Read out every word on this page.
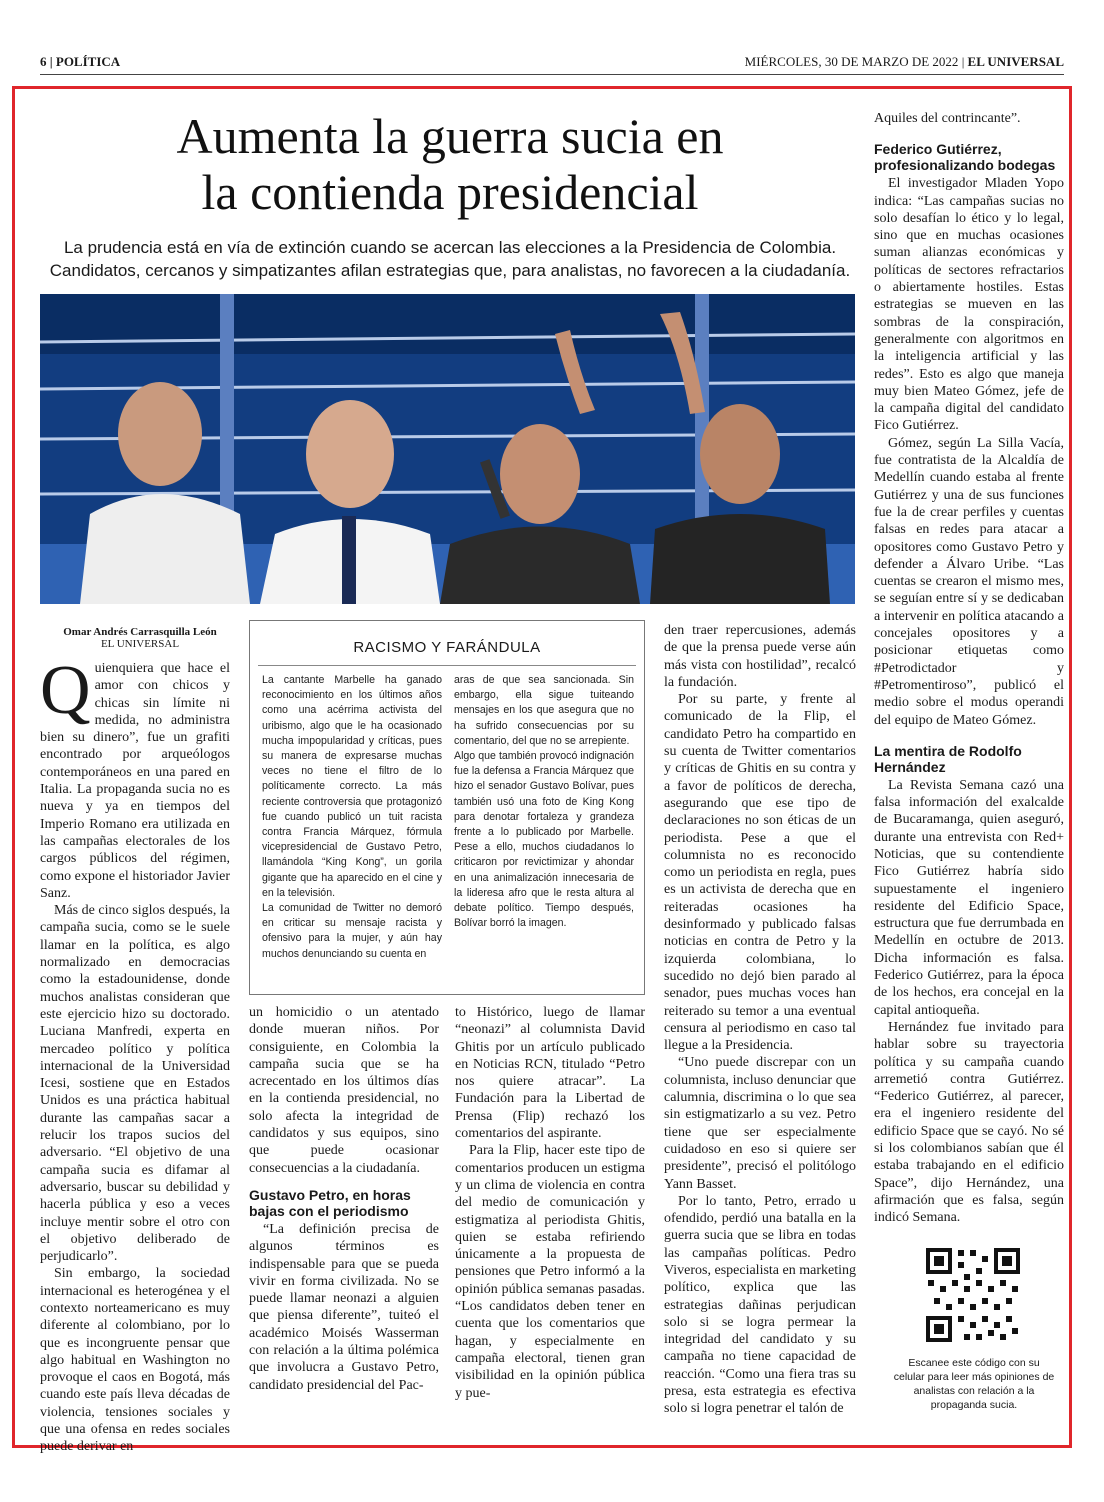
6 | POLÍTICA	MIÉRCOLES, 30 DE MARZO DE 2022 | EL UNIVERSAL
Aumenta la guerra sucia en
la contienda presidencial
La prudencia está en vía de extinción cuando se acercan las elecciones a la Presidencia de Colombia.
Candidatos, cercanos y simpatizantes afilan estrategias que, para analistas, no favorecen a la ciudadanía.
Omar Andrés Carrasquilla León
EL UNIVERSAL

Quienquiera que hace el amor con chicos y chicas sin límite ni medida, no administra bien su dinero”, fue un grafiti encontrado por arqueólogos contemporáneos en una pared en Italia. La propaganda sucia no es nueva y ya en tiempos del Imperio Romano era utilizada en las campañas electorales de los cargos públicos del régimen, como expone el historiador Javier Sanz.

Más de cinco siglos después, la campaña sucia, como se le suele llamar en la política, es algo normalizado en democracias como la estadounidense, donde muchos analistas consideran que este ejercicio hizo su doctorado. Luciana Manfredi, experta en mercadeo político y política internacional de la Universidad Icesi, sostiene que en Estados Unidos es una práctica habitual durante las campañas sacar a relucir los trapos sucios del adversario. “El objetivo de una campaña sucia es difamar al adversario, buscar su debilidad y hacerla pública y eso a veces incluye mentir sobre el otro con el objetivo deliberado de perjudicarlo”.

Sin embargo, la sociedad internacional es heterogénea y el contexto norteamericano es muy diferente al colombiano, por lo que es incongruente pensar que algo habitual en Washington no provoque el caos en Bogotá, más cuando este país lleva décadas de violencia, tensiones sociales y que una ofensa en redes sociales puede derivar en

RACISMO Y FARÁNDULA

La cantante Marbelle ha ganado reconocimiento en los últimos años como una acérrima activista del uribismo, algo que le ha ocasionado mucha impopularidad y críticas, pues su manera de expresarse muchas veces no tiene el filtro de lo políticamente correcto. La más reciente controversia que protagonizó fue cuando publicó un tuit racista contra Francia Márquez, fórmula vicepresidencial de Gustavo Petro, llamándola “King Kong”, un gorila gigante que ha aparecido en el cine y en la televisión.

La comunidad de Twitter no demoró en criticar su mensaje racista y ofensivo para la mujer, y aún hay muchos denunciando su cuenta en

aras de que sea sancionada. Sin embargo, ella sigue tuiteando mensajes en los que asegura que no ha sufrido consecuencias por su comentario, del que no se arrepiente.

Algo que también provocó indignación fue la defensa a Francia Márquez que hizo el senador Gustavo Bolívar, pues también usó una foto de King Kong para denotar fortaleza y grandeza frente a lo publicado por Marbelle. Pese a ello, muchos ciudadanos lo criticaron por revictimizar y ahondar en una animalización innecesaria de la lideresa afro que le resta altura al debate político. Tiempo después, Bolívar borró la imagen.

un homicidio o un atentado donde mueran niños. Por consiguiente, en Colombia la campaña sucia que se ha acrecentado en los últimos días en la contienda presidencial, no solo afecta la integridad de candidatos y sus equipos, sino que puede ocasionar consecuencias a la ciudadanía.

Gustavo Petro, en horas bajas con el periodismo

“La definición precisa de algunos términos es indispensable para que se pueda vivir en forma civilizada. No se puede llamar neonazi a alguien que piensa diferente”, tuiteó el académico Moisés Wasserman con relación a la última polémica que involucra a Gustavo Petro, candidato presidencial del Pac-

to Histórico, luego de llamar “neonazi” al columnista David Ghitis por un artículo publicado en Noticias RCN, titulado “Petro nos quiere atracar”. La Fundación para la Libertad de Prensa (Flip) rechazó los comentarios del aspirante.

Para la Flip, hacer este tipo de comentarios producen un estigma y un clima de violencia en contra del medio de comunicación y estigmatiza al periodista Ghitis, quien se estaba refiriendo únicamente a la propuesta de pensiones que Petro informó a la opinión pública semanas pasadas. “Los candidatos deben tener en cuenta que los comentarios que hagan, y especialmente en campaña electoral, tienen gran visibilidad en la opinión pública y pue-

den traer repercusiones, además de que la prensa puede verse aún más vista con hostilidad”, recalcó la fundación.

Por su parte, y frente al comunicado de la Flip, el candidato Petro ha compartido en su cuenta de Twitter comentarios y críticas de Ghitis en su contra y a favor de políticos de derecha, asegurando que ese tipo de declaraciones no son éticas de un periodista. Pese a que el columnista no es reconocido como un periodista en regla, pues es un activista de derecha que en reiteradas ocasiones ha desinformado y publicado falsas noticias en contra de Petro y la izquierda colombiana, lo sucedido no dejó bien parado al senador, pues muchas voces han reiterado su temor a una eventual censura al periodismo en caso tal llegue a la Presidencia.

“Uno puede discrepar con un columnista, incluso denunciar que calumnia, discrimina o lo que sea sin estigmatizarlo a su vez. Petro tiene que ser especialmente cuidadoso en eso si quiere ser presidente”, precisó el politólogo Yann Basset.

Por lo tanto, Petro, errado u ofendido, perdió una batalla en la guerra sucia que se libra en todas las campañas políticas. Pedro Viveros, especialista en marketing político, explica que las estrategias dañinas perjudican solo si se logra permear la integridad del candidato y su campaña no tiene capacidad de reacción. “Como una fiera tras su presa, esta estrategia es efectiva solo si logra penetrar el talón de

Aquiles del contrincante”.

Federico Gutiérrez, profesionalizando bodegas

El investigador Mladen Yopo indica: “Las campañas sucias no solo desafían lo ético y lo legal, sino que en muchas ocasiones suman alianzas económicas y políticas de sectores refractarios o abiertamente hostiles. Estas estrategias se mueven en las sombras de la conspiración, generalmente con algoritmos en la inteligencia artificial y las redes”. Esto es algo que maneja muy bien Mateo Gómez, jefe de la campaña digital del candidato Fico Gutiérrez.

Gómez, según La Silla Vacía, fue contratista de la Alcaldía de Medellín cuando estaba al frente Gutiérrez y una de sus funciones fue la de crear perfiles y cuentas falsas en redes para atacar a opositores como Gustavo Petro y defender a Álvaro Uribe. “Las cuentas se crearon el mismo mes, se seguían entre sí y se dedicaban a intervenir en política atacando a concejales opositores y a posicionar etiquetas como #Petrodictador y #Petromentiroso”, publicó el medio sobre el modus operandi del equipo de Mateo Gómez.

La mentira de Rodolfo Hernández

La Revista Semana cazó una falsa información del exalcalde de Bucaramanga, quien aseguró, durante una entrevista con Red+ Noticias, que su contendiente Fico Gutiérrez habría sido supuestamente el ingeniero residente del Edificio Space, estructura que fue derrumbada en Medellín en octubre de 2013. Dicha información es falsa. Federico Gutiérrez, para la época de los hechos, era concejal en la capital antioqueña.

Hernández fue invitado para hablar sobre su trayectoria política y su campaña cuando arremetió contra Gutiérrez. “Federico Gutiérrez, al parecer, era el ingeniero residente del edificio Space que se cayó. No sé si los colombianos sabían que él estaba trabajando en el edificio Space”, dijo Hernández, una afirmación que es falsa, según indicó Semana.

Escanee este código con su celular para leer más opiniones de analistas con relación a la propaganda sucia.
